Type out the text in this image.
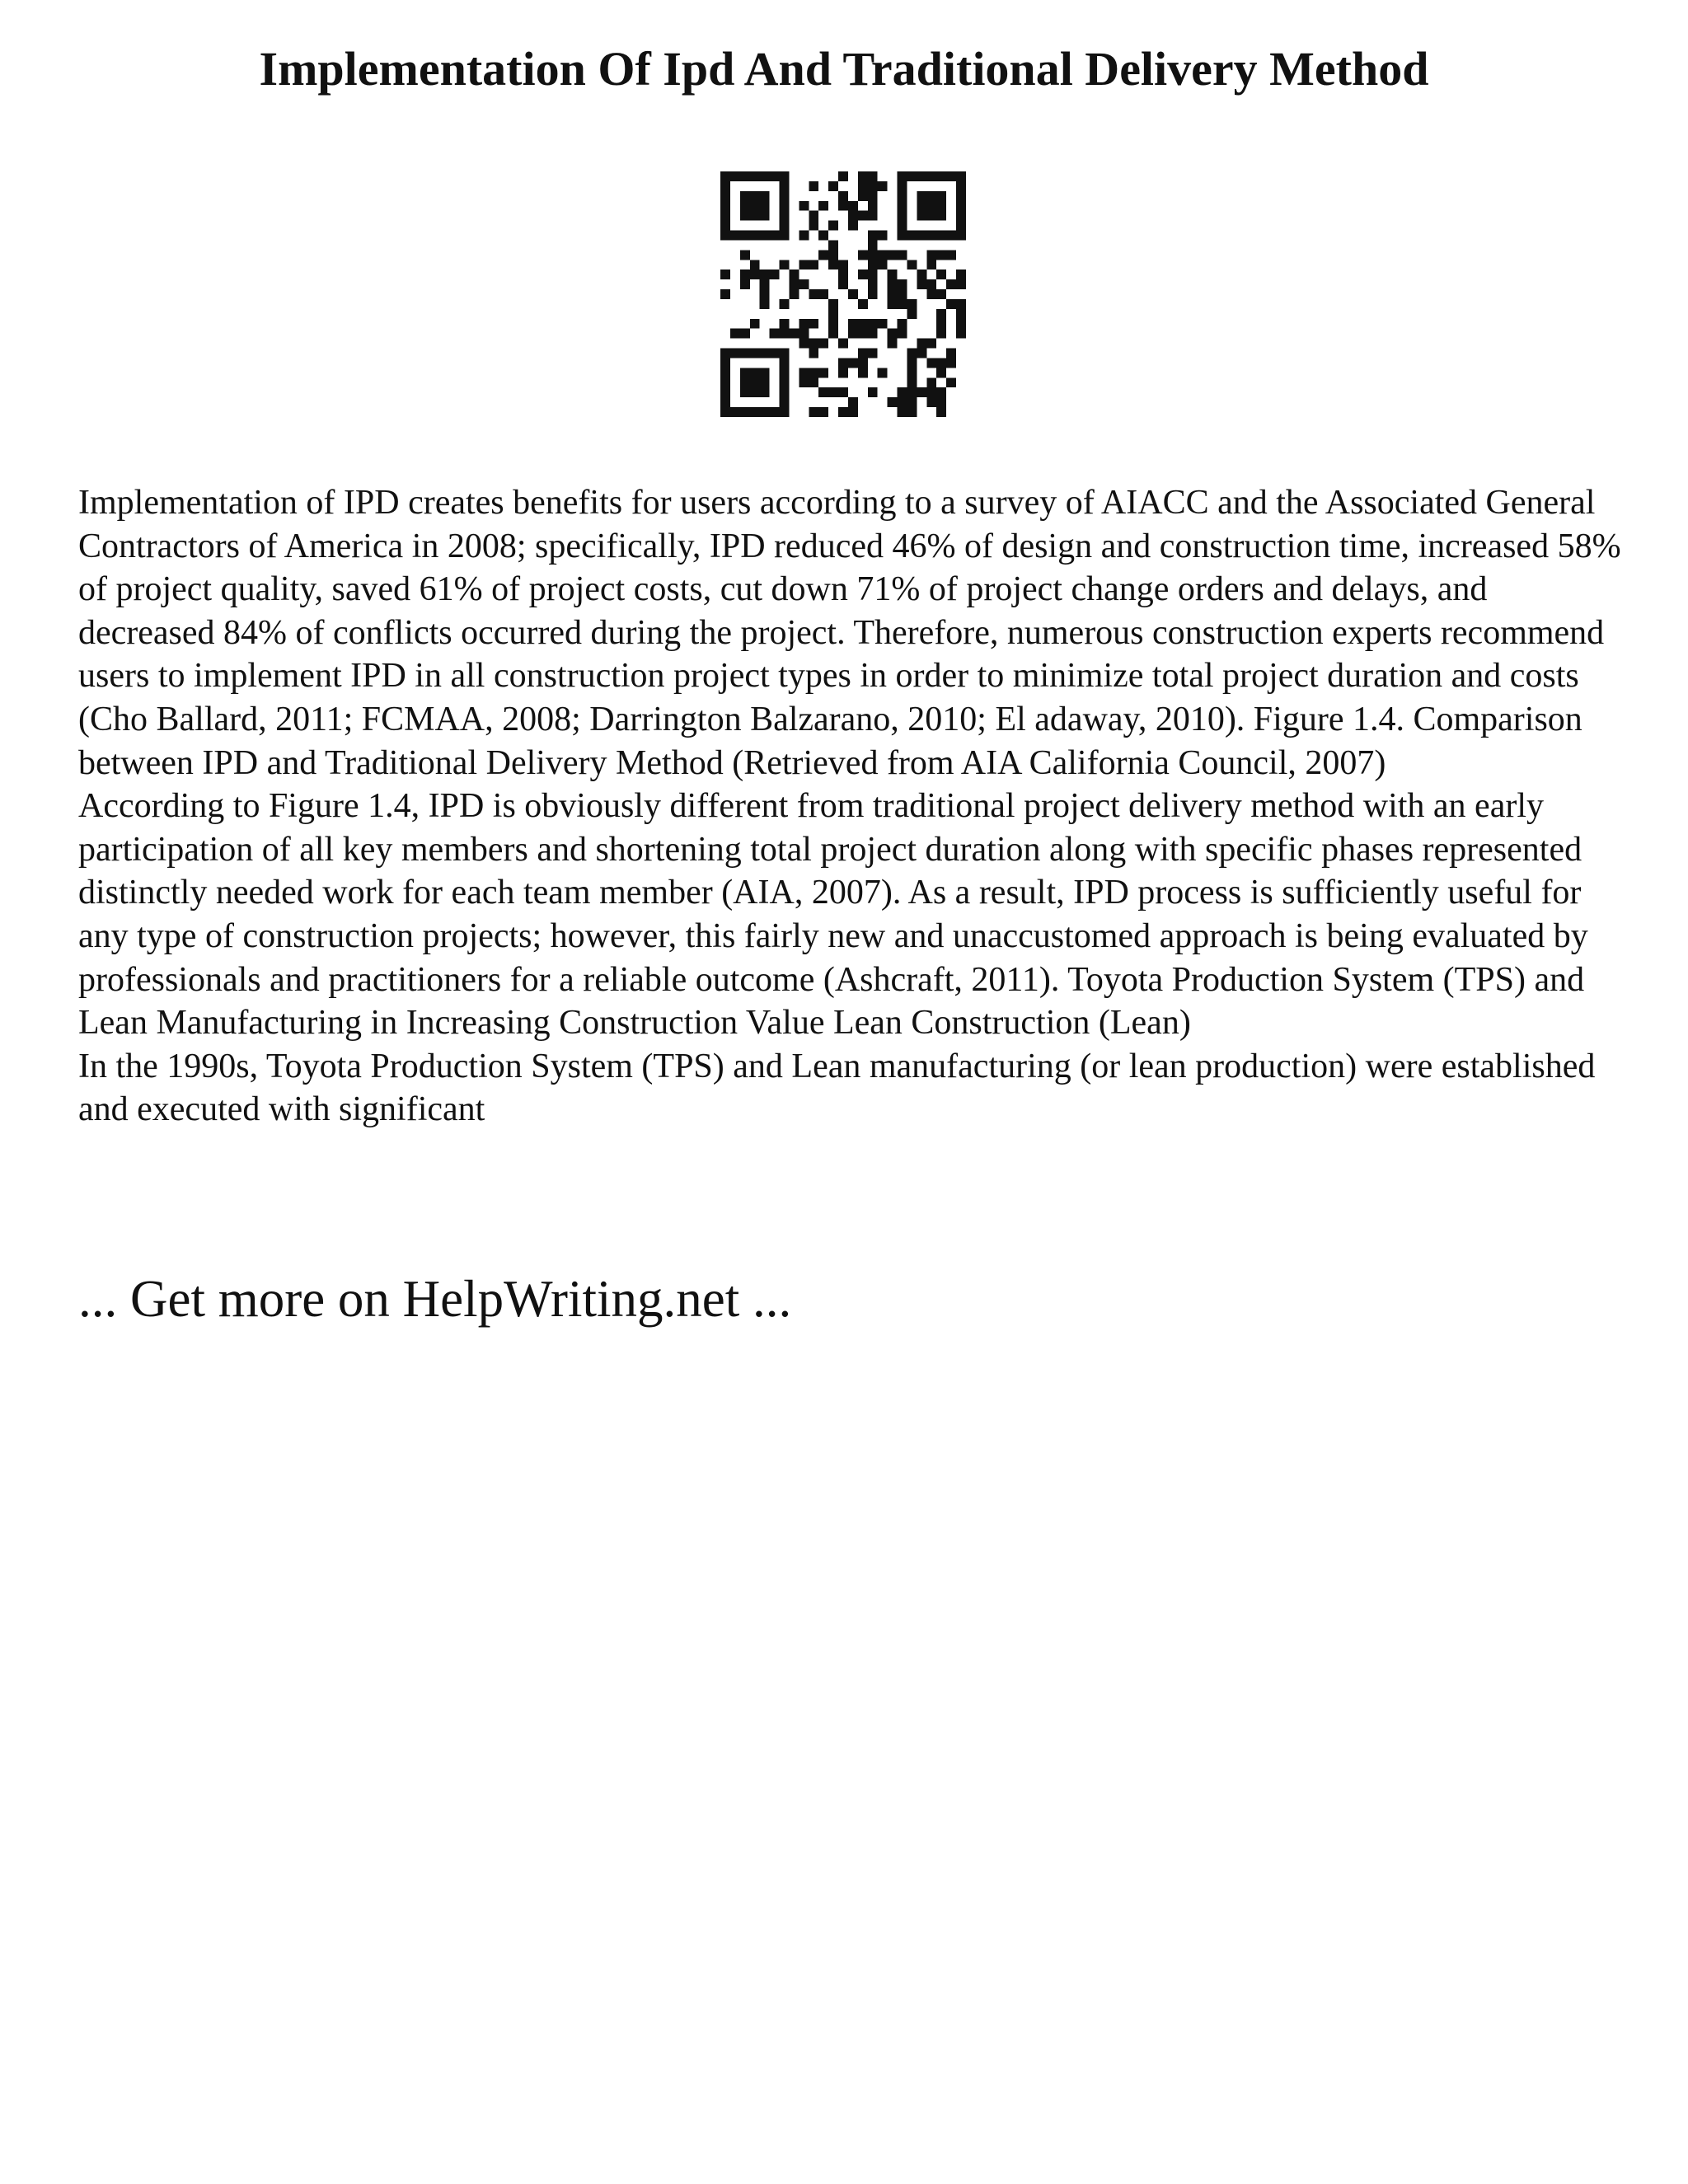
Implementation Of Ipd And Traditional Delivery Method

Implementation of IPD creates benefits for users according to a survey of AIACC and the Associated General Contractors of America in 2008; specifically, IPD reduced 46% of design and construction time, increased 58% of project quality, saved 61% of project costs, cut down 71% of project change orders and delays, and decreased 84% of conflicts occurred during the project. Therefore, numerous construction experts recommend users to implement IPD in all construction project types in order to minimize total project duration and costs (Cho Ballard, 2011; FCMAA, 2008; Darrington Balzarano, 2010; El adaway, 2010). Figure 1.4. Comparison between IPD and Traditional Delivery Method (Retrieved from AIA California Council, 2007)

According to Figure 1.4, IPD is obviously different from traditional project delivery method with an early participation of all key members and shortening total project duration along with specific phases represented distinctly needed work for each team member (AIA, 2007). As a result, IPD process is sufficiently useful for any type of construction projects; however, this fairly new and unaccustomed approach is being evaluated by professionals and practitioners for a reliable outcome (Ashcraft, 2011). Toyota Production System (TPS) and Lean Manufacturing in Increasing Construction Value Lean Construction (Lean)

In the 1990s, Toyota Production System (TPS) and Lean manufacturing (or lean production) were established and executed with significant

... Get more on HelpWriting.net ...
